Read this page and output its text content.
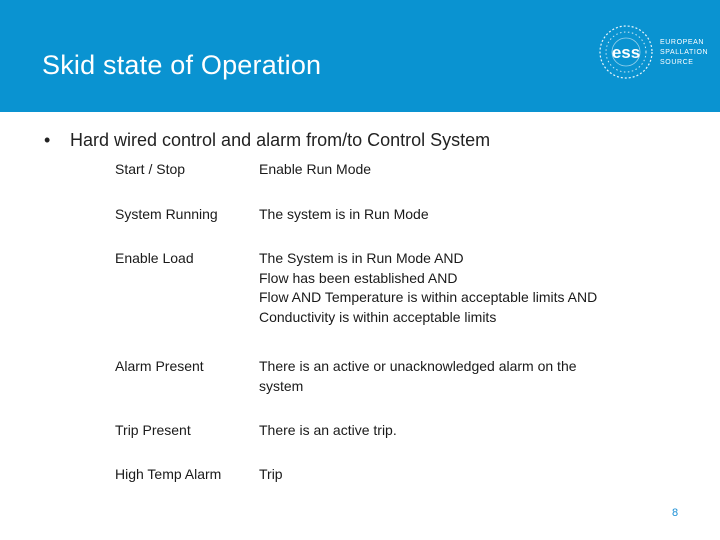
Skid state of Operation	ess
EUROPEAN
SPALLATION
SOURCE
• Hard wired control and alarm from/to Control System
Start / Stop	Enable Run Mode
System Running	The system is in Run Mode
Enable Load	The System is in Run Mode AND
Flow has been established AND
Flow AND Temperature is within acceptable limits AND
Conductivity is within acceptable limits
Alarm Present	There is an active or unacknowledged alarm on the
system
Trip Present	There is an active trip.
High Temp Alarm	Trip
8
